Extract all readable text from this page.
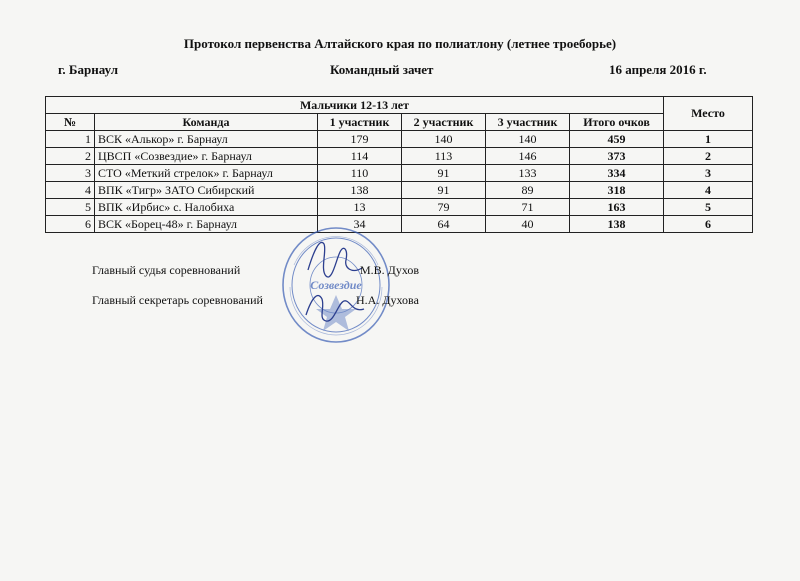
Протокол первенства Алтайского края по полиатлону (летнее троеборье)
г. Барнаул	Командный зачет	16 апреля 2016 г.
Мальчики 12-13 лет						Место
№	Команда	1 участник	2 участник	3 участник	Итого очков	
1	ВСК «Алькор» г. Барнаул	179	140	140	459	1
2	ЦВСП «Созвездие» г. Барнаул	114	113	146	373	2
3	СТО «Меткий стрелок» г. Барнаул	110	91	133	334	3
4	ВПК «Тигр» ЗАТО Сибирский	138	91	89	318	4
5	ВПК «Ирбис» с. Налобиха	13	79	71	163	5
6	ВСК «Борец-48» г. Барнаул	34	64	40	138	6
Созвездие
Главный судья соревнований	М.В. Духов
Главный секретарь соревнований	Н.А. Духова
